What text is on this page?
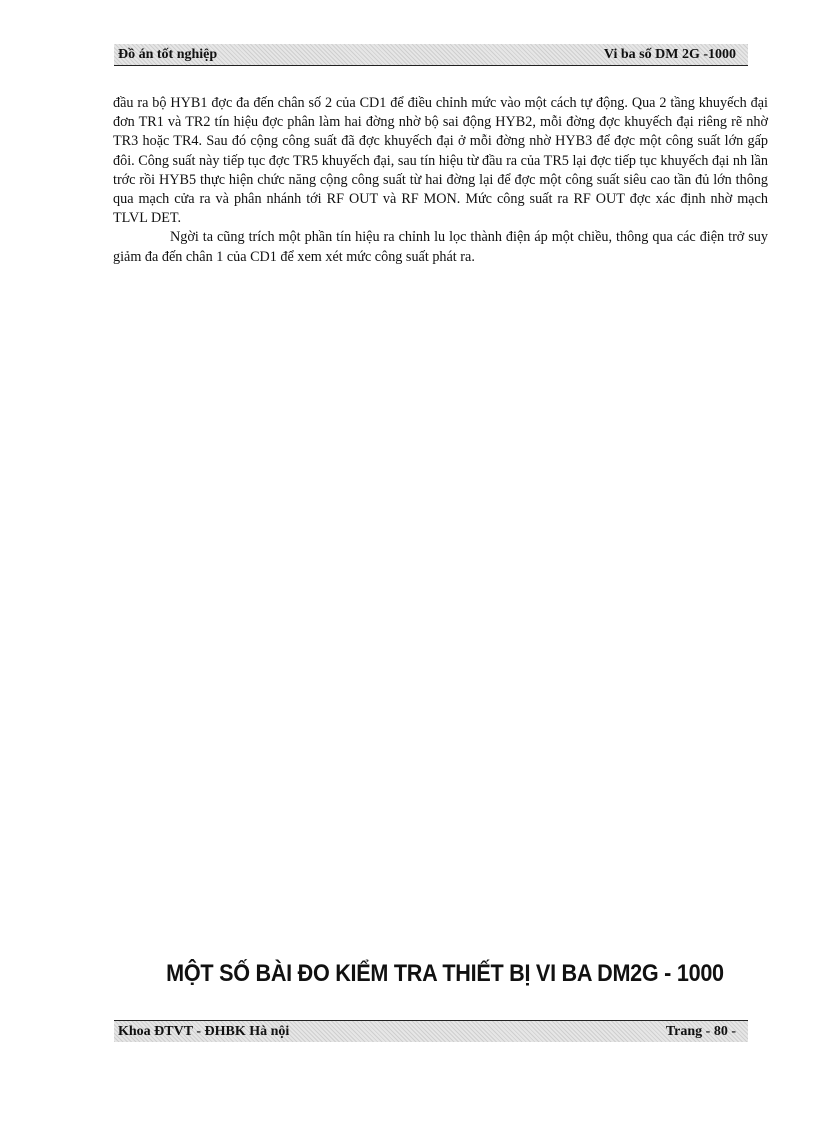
Đồ án tốt nghiệp	Vi ba số DM 2G -1000

đầu ra bộ HYB1 đợc đa đến chân số 2 của CD1 để điều chỉnh mức vào một cách tự động. Qua 2 tầng khuyếch đại đơn TR1 và TR2 tín hiệu đợc phân làm hai đờng nhờ bộ sai động HYB2, mỗi đờng đợc khuyếch đại riêng rẽ nhờ TR3 hoặc TR4. Sau đó cộng công suất đã đợc khuyếch đại ở mỗi đờng nhờ HYB3 để đợc một công suất lớn gấp đôi. Công suất này tiếp tục đợc TR5 khuyếch đại, sau tín hiệu từ đầu ra của TR5 lại đợc tiếp tục khuyếch đại nh lần trớc rồi HYB5 thực hiện chức năng cộng công suất từ hai đờng lại để đợc một công suất siêu cao tần đủ lớn thông qua mạch cửa ra và phân nhánh tới RF OUT và RF MON. Mức công suất ra RF OUT đợc xác định nhờ mạch TLVL DET.

Ngời ta cũng trích một phần tín hiệu ra chỉnh lu lọc thành điện áp một chiều, thông qua các điện trở suy giảm đa đến chân 1 của CD1 để xem xét mức công suất phát ra.

MỘT SỐ BÀI ĐO KIỂM TRA THIẾT BỊ VI BA DM2G - 1000
Khoa ĐTVT - ĐHBK Hà nội	Trang - 80 -
